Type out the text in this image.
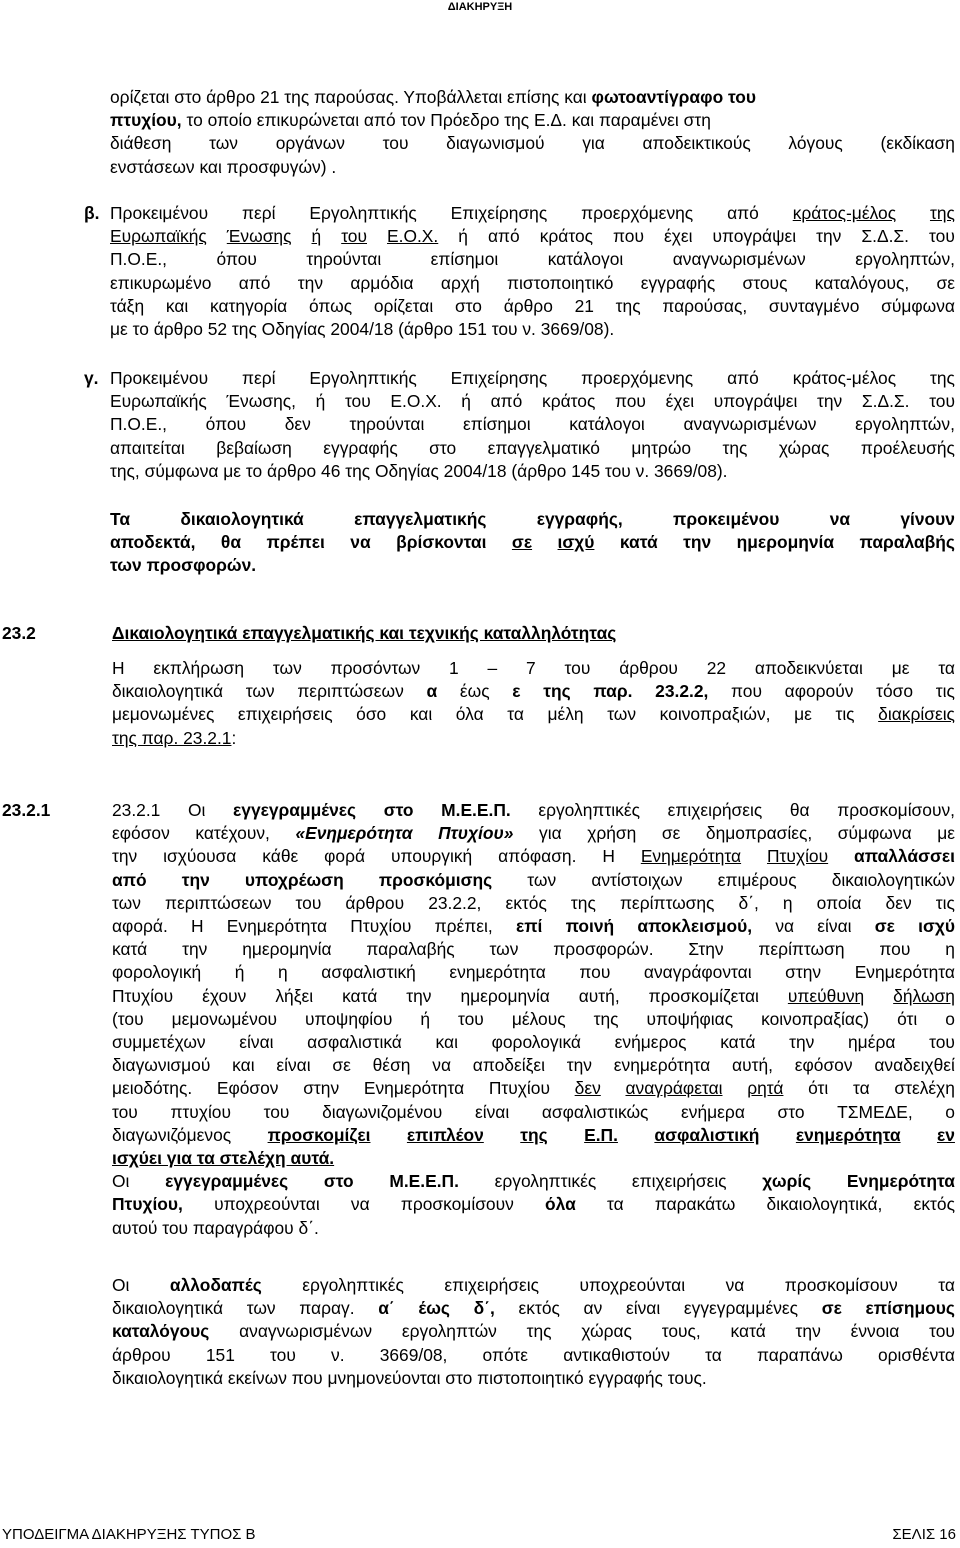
ΔΙΑΚΗΡΥΞΗ
ορίζεται στο άρθρο 21 της παρούσας. Υποβάλλεται επίσης και φωτοαντίγραφο του
πτυχίου, το οποίο επικυρώνεται από τον Πρόεδρο της Ε.Δ. και παραμένει στη
διάθεση των οργάνων του διαγωνισμού για αποδεικτικούς λόγους (εκδίκαση
ενστάσεων και προσφυγών) .
Προκειμένου περί Εργοληπτικής Επιχείρησης προερχόμενης από κράτος-μέλος της
Ευρωπαϊκής Ένωσης ή του Ε.Ο.Χ. ή από κράτος που έχει υπογράψει την Σ.Δ.Σ. του
Π.Ο.Ε.,	όπου	τηρούνται	επίσημοι	κατάλογοι	αναγνωρισμένων	εργοληπτών,
επικυρωμένο από την αρμόδια αρχή πιστοποιητικό εγγραφής στους καταλόγους, σε
τάξη και κατηγορία όπως ορίζεται στο άρθρο 21 της παρούσας, συνταγμένο σύμφωνα
με το άρθρο 52 της Οδηγίας 2004/18 (άρθρο 151 του ν. 3669/08).
β.
Προκειμένου περί Εργοληπτικής Επιχείρησης προερχόμενης από κράτος-μέλος της
Ευρωπαϊκής Ένωσης, ή του Ε.Ο.Χ. ή από κράτος που έχει υπογράψει την Σ.Δ.Σ. του
Π.Ο.Ε., όπου δεν τηρούνται επίσημοι κατάλογοι αναγνωρισμένων εργοληπτών,
απαιτείται βεβαίωση εγγραφής στο επαγγελματικό μητρώο της χώρας προέλευσής
της, σύμφωνα με το άρθρο 46 της Οδηγίας 2004/18 (άρθρο 145 του ν. 3669/08).
γ.
Τα	δικαιολογητικά	επαγγελματικής	εγγραφής,	προκειμένου	να	γίνουν
αποδεκτά, θα πρέπει να βρίσκονται σε ισχύ κατά την ημερομηνία παραλαβής
των προσφορών.
Η εκπλήρωση των προσόντων 1 – 7 του άρθρου 22 αποδεικνύεται με τα
δικαιολογητικά των περιπτώσεων α έως ε της παρ. 23.2.2, που αφορούν τόσο τις
μεμονωμένες επιχειρήσεις όσο και όλα τα μέλη των κοινοπραξιών, με τις διακρίσεις
της παρ. 23.2.1 :
23.2.1 Οι εγγεγραμμένες στο Μ.Ε.Ε.Π. εργοληπτικές επιχειρήσεις θα προσκομίσουν,
εφόσον κατέχουν, «Ενημερότητα Πτυχίου» για χρήση σε δημοπρασίες, σύμφωνα με
την ισχύουσα κάθε φορά υπουργική απόφαση. Η Ενημερότητα Πτυχίου απαλλάσσει
από την υποχρέωση προσκόμισης των αντίστοιχων επιμέρους δικαιολογητικών
των περιπτώσεων του άρθρου 23.2.2, εκτός της περίπτωσης δ΄, η οποία δεν τις
αφορά. Η Ενημερότητα Πτυχίου πρέπει, επί ποινή αποκλεισμού, να είναι σε ισχύ
κατά την ημερομηνία παραλαβής των προσφορών. Στην περίπτωση που η
φορολογική ή η ασφαλιστική ενημερότητα που αναγράφονται στην Ενημερότητα
Πτυχίου έχουν λήξει κατά την ημερομηνία αυτή, προσκομίζεται υπεύθυνη δήλωση
(του μεμονωμένου υποψηφίου ή του μέλους της υποψήφιας κοινοπραξίας) ότι ο
συμμετέχων είναι ασφαλιστικά και φορολογικά ενήμερος κατά την ημέρα του
διαγωνισμού και είναι σε θέση να αποδείξει την ενημερότητα αυτή, εφόσον αναδειχθεί
μειοδότης. Εφόσον στην Ενημερότητα Πτυχίου δεν αναγράφεται ρητά ότι τα στελέχη
του πτυχίου του διαγωνιζομένου είναι ασφαλιστικώς ενήμερα στο ΤΣΜΕΔΕ, ο
διαγωνιζόμενος προσκομίζει επιπλέον της Ε.Π. ασφαλιστική ενημερότητα εν
ισχύει για τα στελέχη αυτά.
Οι εγγεγραμμένες στο Μ.Ε.Ε.Π. εργοληπτικές επιχειρήσεις χωρίς Ενημερότητα
Πτυχίου, υποχρεούνται να προσκομίσουν όλα τα παρακάτω δικαιολογητικά, εκτός
αυτού του παραγράφου δ΄.
Οι αλλοδαπές εργοληπτικές επιχειρήσεις υποχρεούνται να προσκομίσουν τα
δικαιολογητικά των παραγ. α΄ έως δ΄, εκτός αν είναι εγγεγραμμένες σε επίσημους
καταλόγους αναγνωρισμένων εργοληπτών της χώρας τους, κατά την έννοια του
άρθρου 151 του ν. 3669/08, οπότε αντικαθιστούν τα παραπάνω ορισθέντα
δικαιολογητικά εκείνων που μνημονεύονται στο πιστοποιητικό εγγραφής τους.
23.2	Δικαιολογητικά επαγγελματικής και τεχνικής καταλληλότητας
23.2.1
ΥΠΟΔΕΙΓΜΑ ΔΙΑΚΗΡΥΞΗΣ ΤΥΠΟΣ Β	ΣΕΛΙΣ 16
